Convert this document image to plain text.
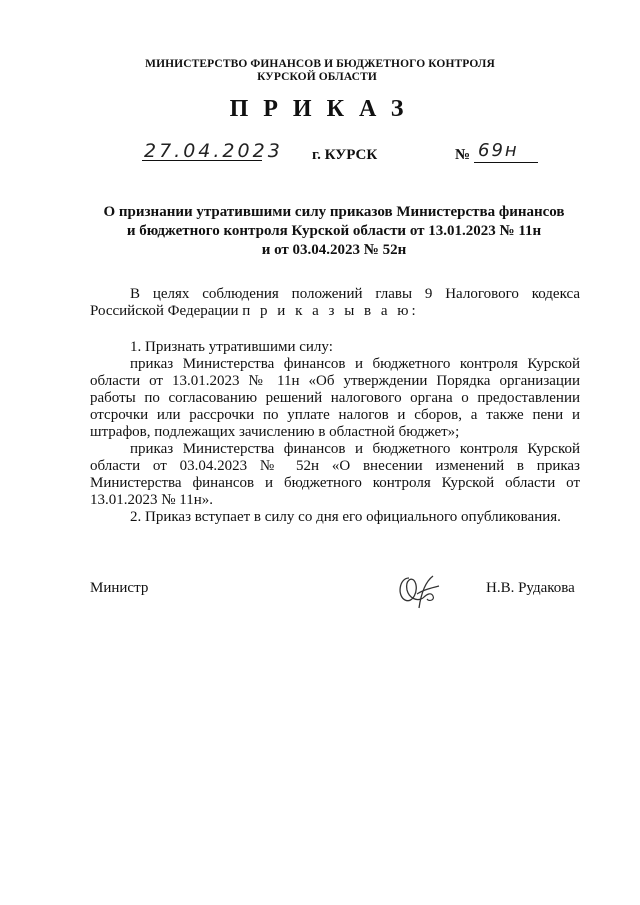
МИНИСТЕРСТВО ФИНАНСОВ И БЮДЖЕТНОГО КОНТРОЛЯ
КУРСКОЙ ОБЛАСТИ
ПРИКАЗ
27.04.2023 г. КУРСК	№ 69н
О признании утратившими силу приказов Министерства финансов
и бюджетного контроля Курской области от 13.01.2023 № 11н
и от 03.04.2023 № 52н

В целях соблюдения положений главы 9 Налогового кодекса Российской Федерации п р и к а з ы в а ю:

1. Признать утратившими силу:

приказ Министерства финансов и бюджетного контроля Курской области от 13.01.2023 № 11н «Об утверждении Порядка организации работы по согласованию решений налогового органа о предоставлении отсрочки или рассрочки по уплате налогов и сборов, а также пени и штрафов, подлежащих зачислению в областной бюджет»;

приказ Министерства финансов и бюджетного контроля Курской области от 03.04.2023 № 52н «О внесении изменений в приказ Министерства финансов и бюджетного контроля Курской области от 13.01.2023 № 11н».

2. Приказ вступает в силу со дня его официального опубликования.

Министр	Н.В. Рудакова
